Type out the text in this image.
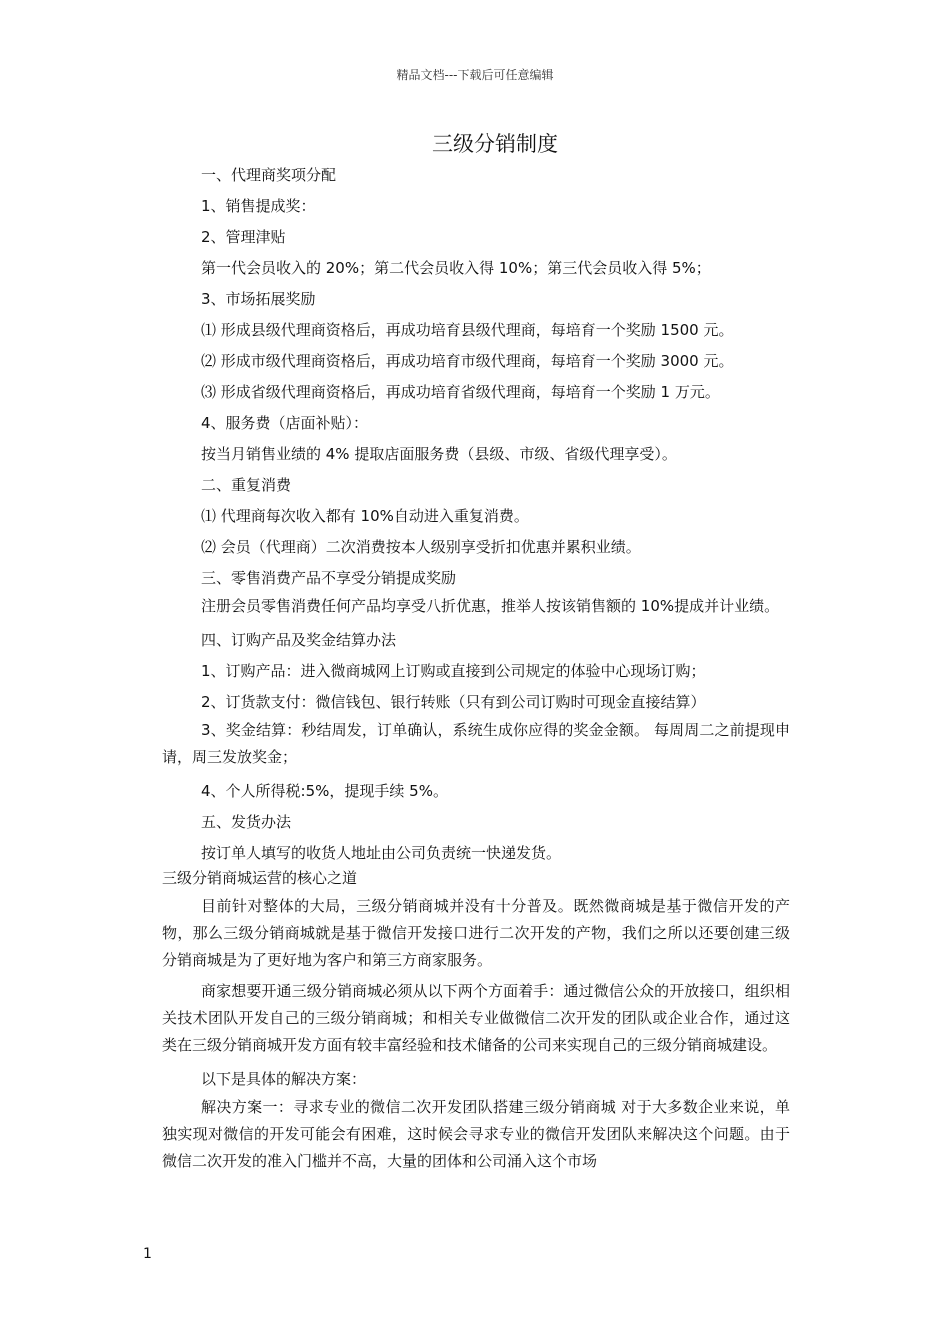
精品文档---下载后可任意编辑
三级分销制度

一、代理商奖项分配

1、销售提成奖：

2、管理津贴

第一代会员收入的 20%；第二代会员收入得 10%；第三代会员收入得 5%；

3、市场拓展奖励

⑴ 形成县级代理商资格后，再成功培育县级代理商，每培育一个奖励 1500 元。

⑵ 形成市级代理商资格后，再成功培育市级代理商，每培育一个奖励 3000 元。

⑶ 形成省级代理商资格后，再成功培育省级代理商，每培育一个奖励 1 万元。

4、服务费（店面补贴）：

按当月销售业绩的 4% 提取店面服务费（县级、市级、省级代理享受）。

二、重复消费

⑴ 代理商每次收入都有 10%自动进入重复消费。

⑵ 会员（代理商）二次消费按本人级别享受折扣优惠并累积业绩。

三、零售消费产品不享受分销提成奖励

注册会员零售消费任何产品均享受八折优惠，推举人按该销售额的 10%提成并计业绩。

四、订购产品及奖金结算办法

1、订购产品：进入微商城网上订购或直接到公司规定的体验中心现场订购；

2、订货款支付：微信钱包、银行转账（只有到公司订购时可现金直接结算）

3、奖金结算：秒结周发，订单确认，系统生成你应得的奖金金额。 每周周二之前提现申请，周三发放奖金；

4、个人所得税:5%，提现手续 5%。

五、发货办法

按订单人填写的收货人地址由公司负责统一快递发货。

三级分销商城运营的核心之道

目前针对整体的大局，三级分销商城并没有十分普及。既然微商城是基于微信开发的产物，那么三级分销商城就是基于微信开发接口进行二次开发的产物，我们之所以还要创建三级分销商城是为了更好地为客户和第三方商家服务。

商家想要开通三级分销商城必须从以下两个方面着手：通过微信公众的开放接口，组织相关技术团队开发自己的三级分销商城；和相关专业做微信二次开发的团队或企业合作，通过这类在三级分销商城开发方面有较丰富经验和技术储备的公司来实现自己的三级分销商城建设。

以下是具体的解决方案：

解决方案一：寻求专业的微信二次开发团队搭建三级分销商城 对于大多数企业来说，单独实现对微信的开发可能会有困难，这时候会寻求专业的微信开发团队来解决这个问题。由于微信二次开发的准入门槛并不高，大量的团体和公司涌入这个市场

1
